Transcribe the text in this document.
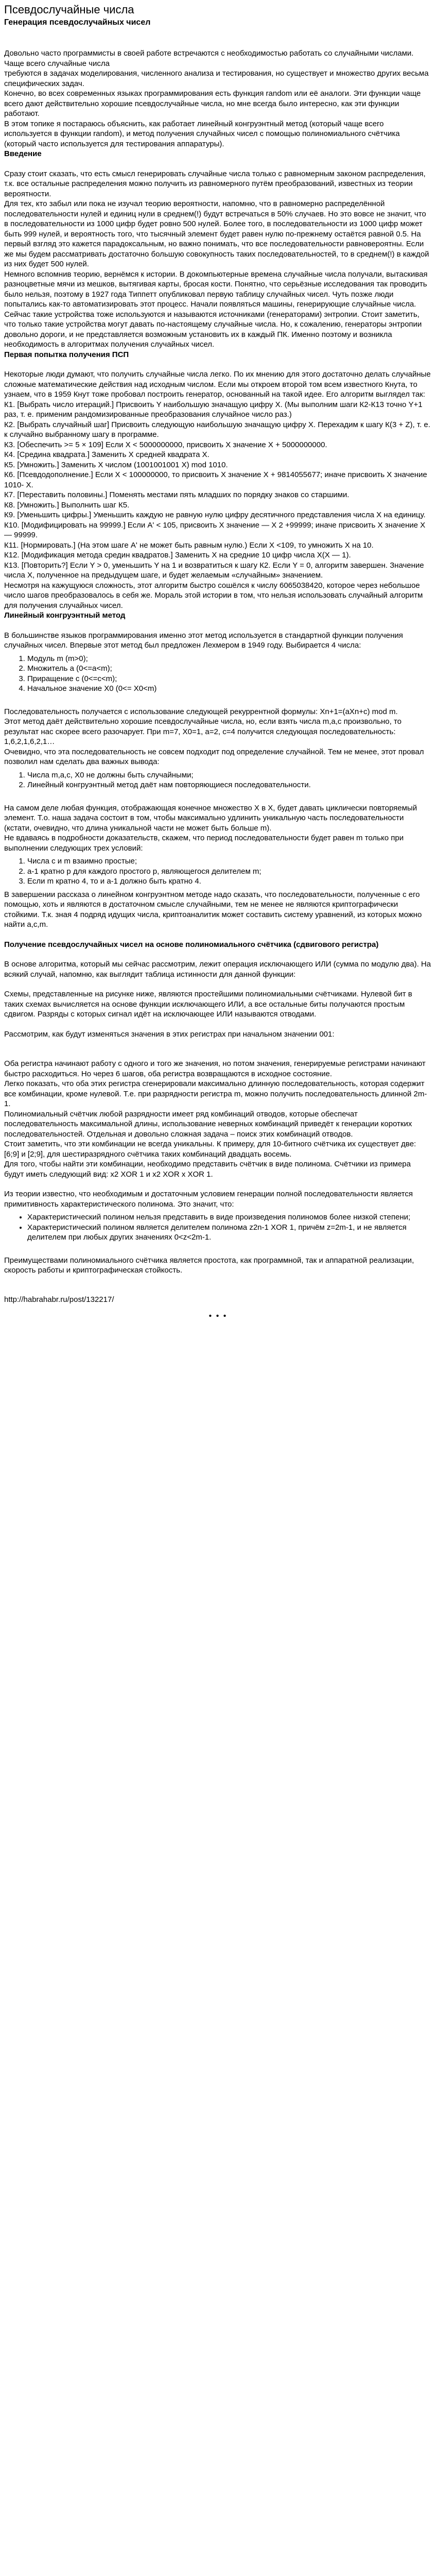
Псевдослучайные числа
Генерация псевдослучайных чисел

Довольно часто программисты в своей работе встречаются с необходимостью работать со случайными числами. Чаще всего случайные числа

требуются в задачах моделирования, численного анализа и тестирования, но существует и множество других весьма специфических задач.

Конечно, во всех современных языках программирования есть функция random или её аналоги. Эти функции чаще всего дают действительно хорошие псевдослучайные числа, но мне всегда было интересно, как эти функции работают.

В этом топике я постараюсь объяснить, как работает линейный конгруэнтный метод (который чаще всего используется в функции random), и метод получения случайных чисел с помощью полиномиального счётчика (который часто используется для тестирования аппаратуры).

Введение

Сразу стоит сказать, что есть смысл генерировать случайные числа только с равномерным законом распределения, т.к. все остальные распределения можно получить из равномерного путём преобразований, известных из теории вероятности.

Для тех, кто забыл или пока не изучал теорию вероятности, напомню, что в равномерно распределённой последовательности нулей и единиц нули в среднем(!) будут встречаться в 50% случаев. Но это вовсе не значит, что в последовательности из 1000 цифр будет ровно 500 нулей. Более того, в последовательности из 1000 цифр может быть 999 нулей, и вероятность того, что тысячный элемент будет равен нулю по-прежнему остаётся равной 0.5. На первый взгляд это кажется парадоксальным, но важно понимать, что все последовательности равновероятны. Если же мы будем рассматривать достаточно большую совокупность таких последовательностей, то в среднем(!) в каждой из них будет 500 нулей.

Немного вспомнив теорию, вернёмся к истории. В докомпьютерные времена случайные числа получали, вытаскивая разноцветные мячи из мешков, вытягивая карты, бросая кости. Понятно, что серьёзные исследования так проводить было нельзя, поэтому в 1927 года Типпетт опубликовал первую таблицу случайных чисел. Чуть позже люди попытались как-то автоматизировать этот процесс. Начали появляться машины, генерирующие случайные числа. Сейчас такие устройства тоже используются и называются источниками (генераторами) энтропии. Стоит заметить, что только такие устройства могут давать по-настоящему случайные числа. Но, к сожалению, генераторы энтропии довольно дороги, и не представляется возможным установить их в каждый ПК. Именно поэтому и возникла необходимость в алгоритмах получения случайных чисел.

Первая попытка получения ПСП

Некоторые люди думают, что получить случайные числа легко. По их мнению для этого достаточно делать случайные сложные математические действия над исходным числом. Если мы откроем второй том всем известного Кнута, то узнаем, что в 1959 Кнут тоже пробовал построить генератор, основанный на такой идее. Его алгоритм выглядел так:

К1. [Выбрать число итераций.] Присвоить Y наибольшую значащую цифру X. (Мы выполним шаги К2-К13 точно Y+1 раз, т. е. применим рандомизированные преобразования случайное число раз.)

К2. [Выбрать случайный шаг] Присвоить следующую наибольшую значащую цифру X. Перехадим к шагу К(3 + Z), т. е. к случайно выбранному шагу в программе.

К3. [Обеспечить >= 5 × 109] Если X < 5000000000, присвоить X значение X + 5000000000.

К4. [Средина квадрата.] Заменить X средней квадрата X.

К5. [Умножить.] Заменить X числом (1001001001 X) mod 1010.

К6. [Псевдодополнение.] Если X < 100000000, то присвоить X значение X + 9814055677; иначе присвоить X значение 1010- X.

К7. [Переставить половины.] Поменять местами пять младших по порядку знаков со старшими.

К8. [Умножить.] Выполнить шаг К5.

К9. [Уменьшить цифры.] Уменьшить каждую не равную нулю цифру десятичного представления числа X на единицу.

К10. [Модифицировать на 99999.] Если A' < 105, присвоить X значение — X 2 +99999; иначе присвоить X значение X — 99999.

К11. [Нормировать.] (На этом шаге A' не может быть равным нулю.) Если X <109, то умножить X на 10.

К12. [Модификация метода средин квадратов.] Заменить X на средние 10 цифр числа X(X — 1).

К13. [Повторить?] Если Y > 0, уменьшить Y на 1 и возвратиться к шагу К2. Если Y = 0, алгоритм завершен. Значение числа X, полученное на предыдущем шаге, и будет желаемым «случайным» значением.

Несмотря на кажущуюся сложность, этот алгоритм быстро сошёлся к числу 6065038420, которое через небольшое число шагов преобразовалось в себя же. Мораль этой истории в том, что нельзя использовать случайный алгоритм для получения случайных чисел.

Линейный конгруэнтный метод

В большинстве языков программирования именно этот метод используется в стандартной функции получения случайных чисел. Впервые этот метод был предложен Лехмером в 1949 году. Выбирается 4 числа:

1. Модуль m (m>0);
2. Множитель a (0<=a<m);
3. Приращение c (0<=c<m);
4. Начальное значение X0 (0<= X0<m)

Последовательность получается с использование следующей рекуррентной формулы: Xn+1=(aXn+c) mod m.

Этот метод даёт действительно хорошие псевдослучайные числа, но, если взять числа m,a,c произвольно, то результат нас скорее всего разочарует. При m=7, X0=1, a=2, c=4 получится следующая последовательность: 1,6,2,1,6,2,1…

Очевидно, что эта последовательность не совсем подходит под определение случайной. Тем не менее, этот провал позволил нам сделать два важных вывода:

1. Числа m,a,c, X0 не должны быть случайными;
2. Линейный конгруэнтный метод даёт нам повторяющиеся последовательности.

На самом деле любая функция, отображающая конечное множество X в X, будет давать циклически повторяемый элемент. Т.о. наша задача состоит в том, чтобы максимально удлинить уникальную часть последовательности (кстати, очевидно, что длина уникальной части не может быть больше m).

Не вдаваясь в подробности доказательств, скажем, что период последовательности будет равен m только при выполнении следующих трех условий:

1. Числа c и m взаимно простые;
2. a-1 кратно p для каждого простого p, являющегося делителем m;
3. Если m кратно 4, то и a-1 должно быть кратно 4.

В завершении рассказа о линейном конгруэнтном методе надо сказать, что последовательности, полученные с его помощью, хоть и являются в достаточном смысле случайными, тем не менее не являются криптографически стойкими. Т.к. зная 4 подряд идущих числа, криптоаналитик может составить систему уравнений, из которых можно найти a,c,m.

Получение псевдослучайных чисел на основе полиномиального счётчика (сдвигового регистра)

В основе алгоритма, который мы сейчас рассмотрим, лежит операция исключающего ИЛИ (сумма по модулю два). На всякий случай, напомню, как выглядит таблица истинности для данной функции:

Схемы, представленные на рисунке ниже, являются простейшими полиномиальными счётчиками. Нулевой бит в таких схемах вычисляется на основе функции исключающего ИЛИ, а все остальные биты получаются простым сдвигом. Разряды с которых сигнал идёт на исключающее ИЛИ называются отводами.

Рассмотрим, как будут изменяться значения в этих регистрах при начальном значении 001:

Оба регистра начинают работу с одного и того же значения, но потом значения, генерируемые регистрами начинают быстро расходиться. Но через 6 шагов, оба регистра возвращаются в исходное состояние.

Легко показать, что оба этих регистра сгенерировали максимально длинную последовательность, которая содержит все комбинации, кроме нулевой. Т.е. при разрядности регистра m, можно получить последовательность длинной 2m-1.

Полиномиальный счётчик любой разрядности имеет ряд комбинаций отводов, которые обеспечат последовательность максимальной длины, использование неверных комбинаций приведёт к генерации коротких последовательностей. Отдельная и довольно сложная задача – поиск этих комбинаций отводов.

Стоит заметить, что эти комбинации не всегда уникальны. К примеру, для 10-битного счётчика их существует две: [6;9] и [2;9], для шестиразрядного счётчика таких комбинаций двадцать восемь.

Для того, чтобы найти эти комбинации, необходимо представить счётчик в виде полинома. Счётчики из примера будут иметь следующий вид: x2 XOR 1 и x2 XOR x XOR 1.

Из теории известно, что необходимым и достаточным условием генерации полной последовательности является примитивность характеристического полинома. Это значит, что:

• Характеристический полином нельзя представить в виде произведения полиномов более низкой степени;
• Характеристический полином является делителем полинома z2n-1 XOR 1, причём z=2m-1, и не является делителем при любых других значениях 0<z<2m-1.

Преимуществами полиномиального счётчика является простота, как программной, так и аппаратной реализации, скорость работы и криптографическая стойкость.

http://habrahabr.ru/post/132217/
• • •
